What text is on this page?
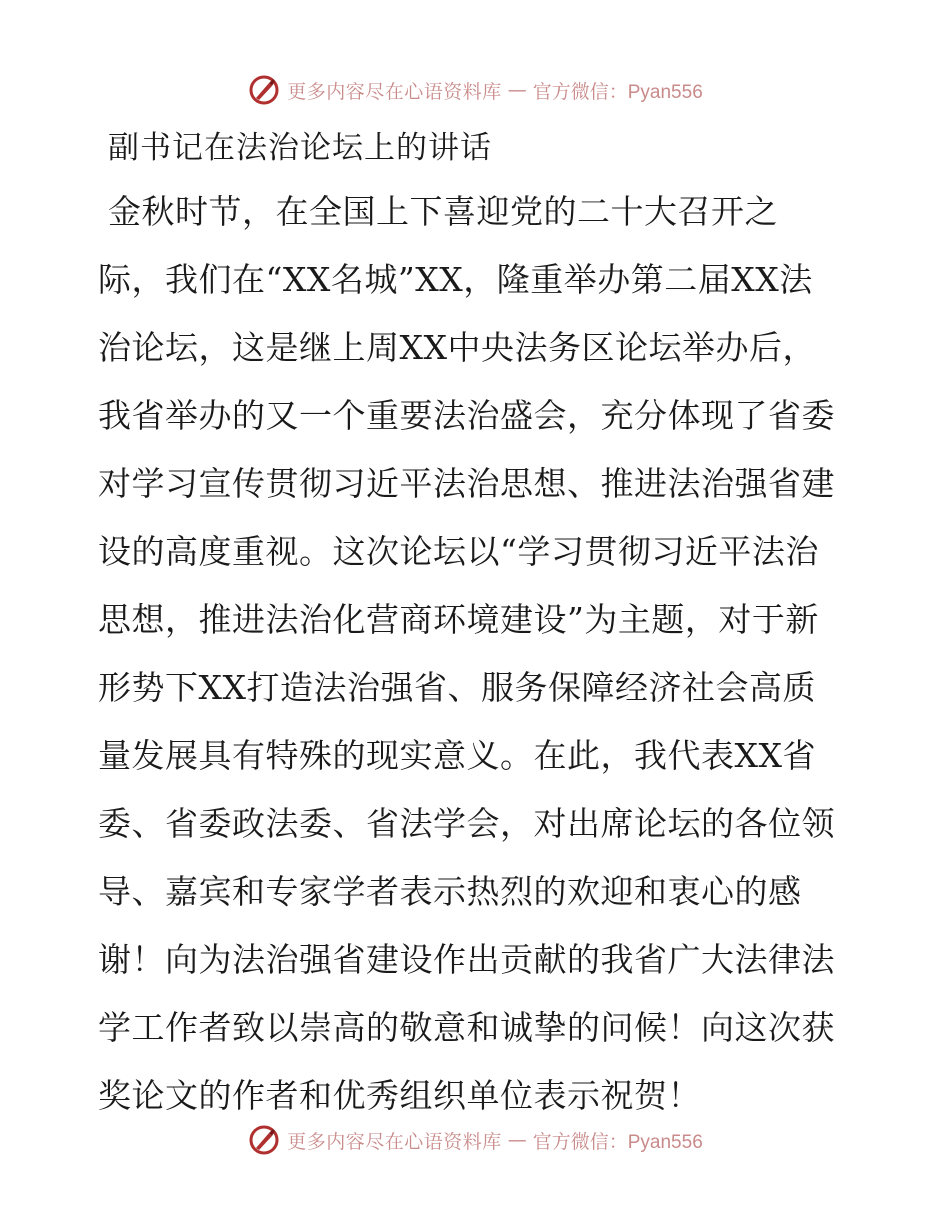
更多内容尽在心语资料库 — 官方微信：Pyan556
副书记在法治论坛上的讲话
金秋时节，在全国上下喜迎党的二十大召开之
际，我们在“XX名城”XX，隆重举办第二届XX法
治论坛，这是继上周XX中央法务区论坛举办后，
我省举办的又一个重要法治盛会，充分体现了省委
对学习宣传贯彻习近平法治思想、推进法治强省建
设的高度重视。这次论坛以“学习贯彻习近平法治
思想，推进法治化营商环境建设”为主题，对于新
形势下XX打造法治强省、服务保障经济社会高质
量发展具有特殊的现实意义。在此，我代表XX省
委、省委政法委、省法学会，对出席论坛的各位领
导、嘉宾和专家学者表示热烈的欢迎和衷心的感
谢！向为法治强省建设作出贡献的我省广大法律法
学工作者致以崇高的敬意和诚挚的问候！向这次获
奖论文的作者和优秀组织单位表示祝贺！
更多内容尽在心语资料库 — 官方微信：Pyan556
